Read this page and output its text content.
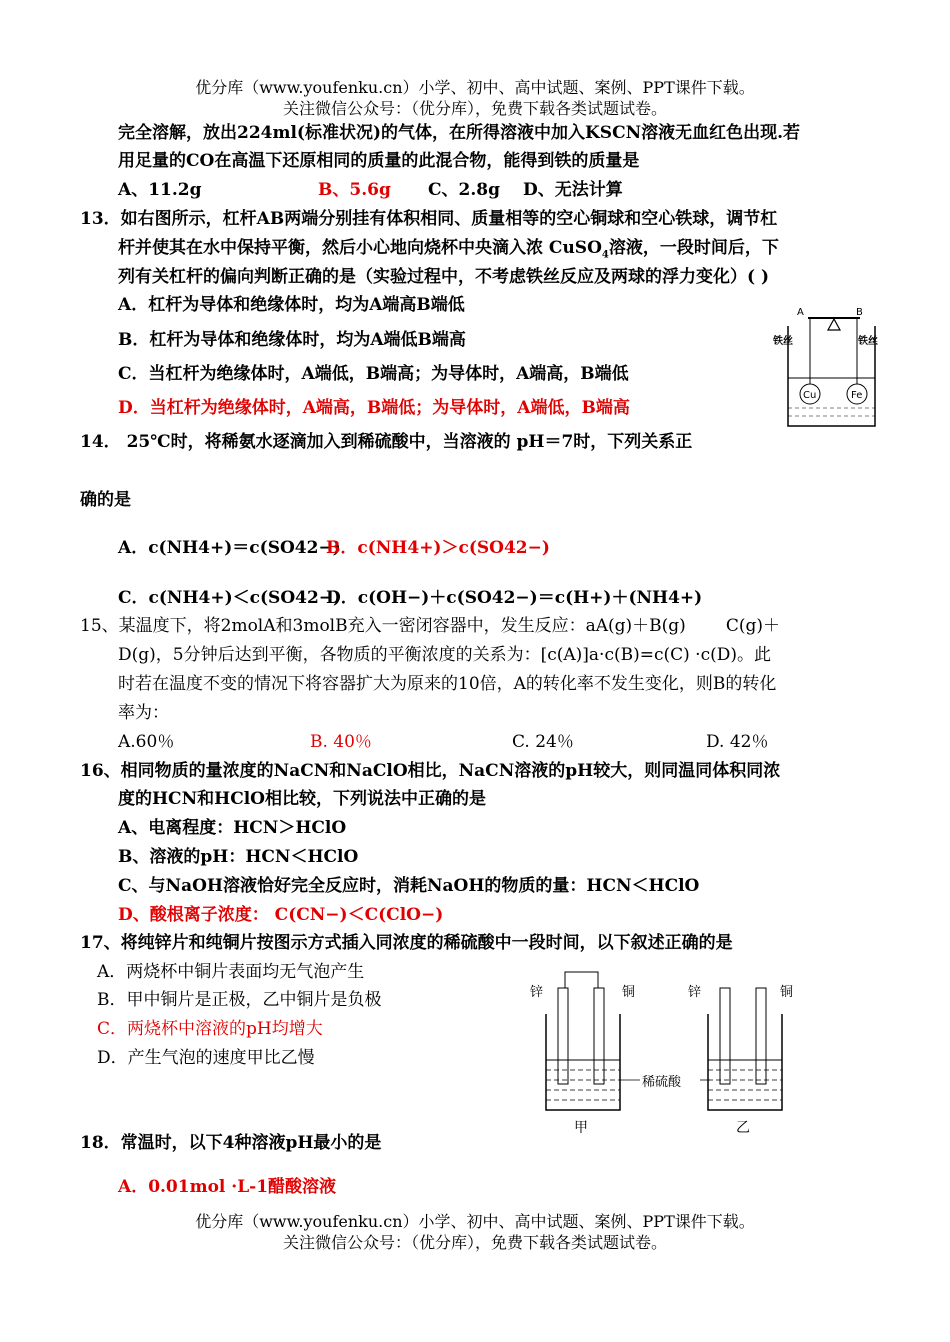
优分库（www.youfenku.cn）小学、初中、高中试题、案例、PPT课件下载。
关注微信公众号：（优分库），免费下载各类试题试卷。
完全溶解，放出224ml(标准状况)的气体，在所得溶液中加入KSCN溶液无血红色出现.若
用足量的CO在高温下还原相同的质量的此混合物，能得到铁的质量是
A、11.2g	B、5.6g C、2.8g D、无法计算
13．如右图所示，杠杆AB两端分别挂有体积相同、质量相等的空心铜球和空心铁球，调节杠
杆并使其在水中保持平衡，然后小心地向烧杯中央滴入浓 CuSO$_4$溶液，一段时间后，下
列有关杠杆的偏向判断正确的是（实验过程中，不考虑铁丝反应及两球的浮力变化）( )
A．杠杆为导体和绝缘体时，均为A端高B端低
B．杠杆为导体和绝缘体时，均为A端低B端高
C．当杠杆为绝缘体时，A端低，B端高；为导体时，A端高，B端低
D．当杠杆为绝缘体时，A端高，B端低；为导体时，A端低，B端高
A	B
铁丝	铁丝
Cu	Fe
14． 25℃时，将稀氨水逐滴加入到稀硫酸中，当溶液的 pH＝7时，下列关系正
确的是
A．c(NH4+)＝c(SO42−)B．c(NH4+)＞c(SO42−)
C．c(NH4+)＜c(SO42−)D．c(OH−)＋c(SO42−)＝c(H+)＋(NH4+)
15、某温度下，将2molA和3molB充入一密闭容器中，发生反应：aA(g)＋B(g) C(g)＋
D(g)，5分钟后达到平衡，各物质的平衡浓度的关系为：[c(A)]a·c(B)=c(C) ·c(D)。此
时若在温度不变的情况下将容器扩大为原来的10倍，A的转化率不发生变化，则B的转化
率为：
A.60％	B. 40％	C. 24％	D. 42％
16、相同物质的量浓度的NaCN和NaClO相比，NaCN溶液的pH较大，则同温同体积同浓
度的HCN和HClO相比较，下列说法中正确的是
A、电离程度：HCN＞HClO
B、溶液的pH：HCN＜HClO
C、与NaOH溶液恰好完全反应时，消耗NaOH的物质的量：HCN＜HClO
D、酸根离子浓度： C(CN−)＜C(ClO−)
17、将纯锌片和纯铜片按图示方式插入同浓度的稀硫酸中一段时间，以下叙述正确的是
A．两烧杯中铜片表面均无气泡产生
B．甲中铜片是正极，乙中铜片是负极
C．两烧杯中溶液的pH均增大
D．产生气泡的速度甲比乙慢
锌	铜
甲
稀硫酸
锌	铜
乙
18．常温时，以下4种溶液pH最小的是
A．0.01mol ·L-1醋酸溶液
优分库（www.youfenku.cn）小学、初中、高中试题、案例、PPT课件下载。
关注微信公众号：（优分库），免费下载各类试题试卷。
